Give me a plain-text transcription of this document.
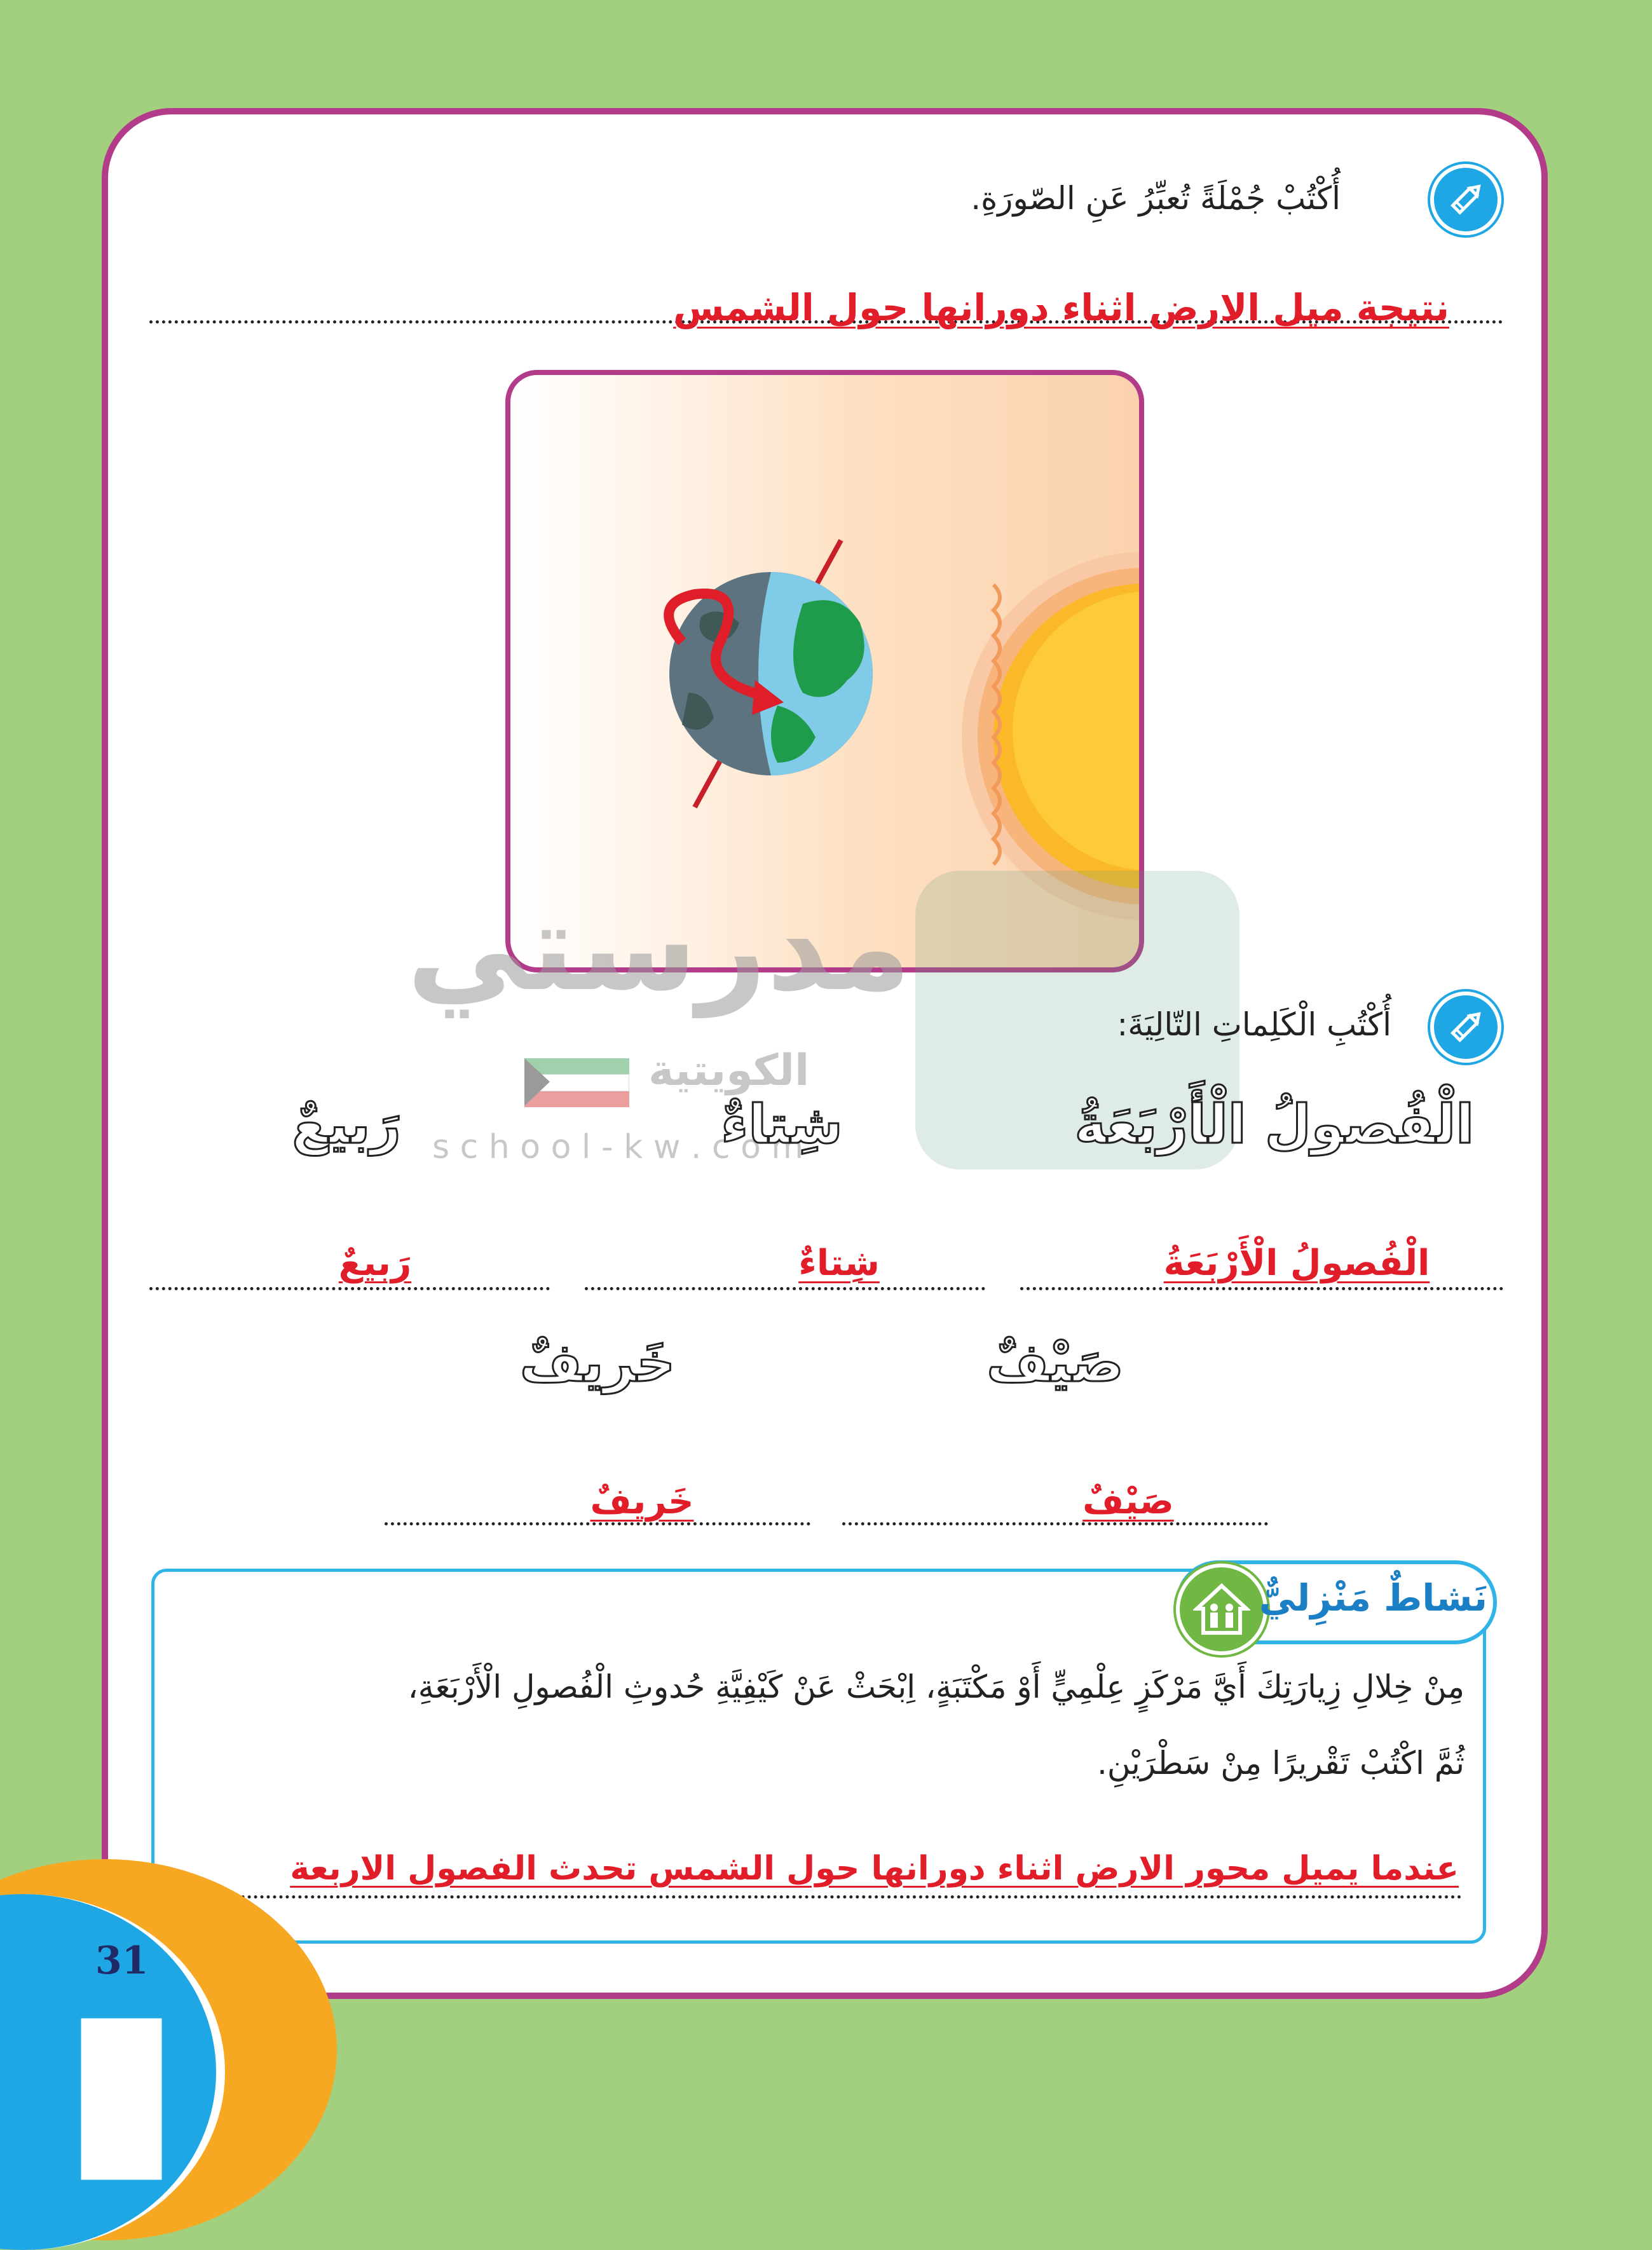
أُكْتُبْ جُمْلَةً تُعبِّرُ عَنِ الصّورَةِ.
نتيجة ميل الارض اثناء دورانها حول الشمس
مدرستي
الكويتية
s c h o o l - k w . c o m
أُكْتُبِ الْكَلِماتِ التّالِيَةَ:
الْفُصولُ الْأَرْبَعَةُ
شِتاءٌ
رَبيعٌ
الْفُصولُ الْأَرْبَعَةُ
شِتاءٌ
رَبيعٌ
صَيْفٌ
خَريفٌ
صَيْفٌ
خَريفٌ
نَشاطٌ مَنْزِليٌّ
مِنْ خِلالِ زِيارَتِكَ أَيَّ مَرْكَزٍ عِلْمِيٍّ أَوْ مَكْتَبَةٍ، اِبْحَثْ عَنْ كَيْفِيَّةِ حُدوثِ الْفُصولِ الْأَرْبَعَةِ،
ثُمَّ اكْتُبْ تَقْريرًا مِنْ سَطْرَيْنِ.
عندما يميل محور الارض اثناء دورانها حول الشمس تحدث الفصول الاربعة
31
